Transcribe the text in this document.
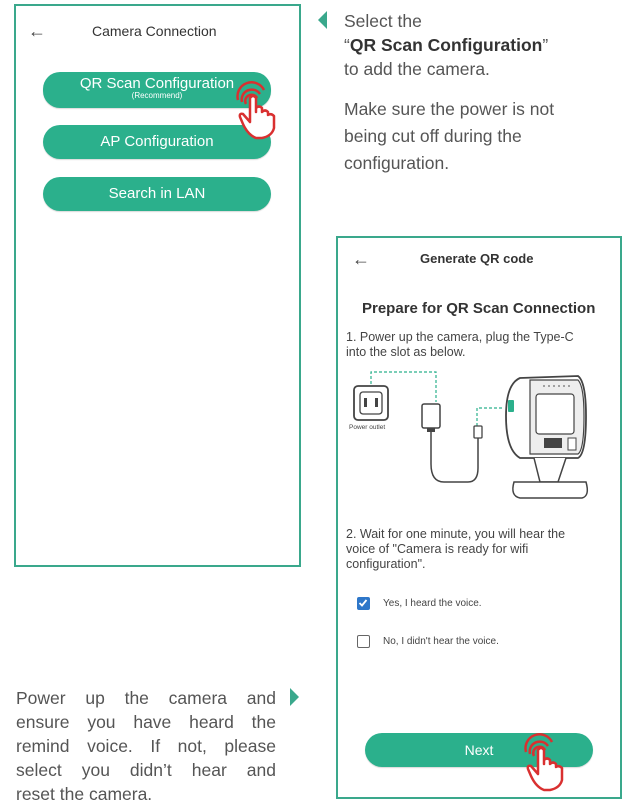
←	Camera Connection
QR Scan Configuration
(Recommend)
AP Configuration
Search in LAN
Select the
“QR Scan Configuration”
to add the camera.
Make sure the power is not
being cut off during the
configuration.
←	Generate QR code
Prepare for QR Scan Connection
1. Power up the camera, plug the Type-C
into the slot as below.
Power outlet
2. Wait for one minute, you will hear the
voice of "Camera is ready for wifi
configuration".
Yes, I heard the voice.
No, I didn't hear the voice.
Next
Power up the camera and
ensure you have heard the
remind voice. If not, please
select you didn’t hear and
reset the camera.
